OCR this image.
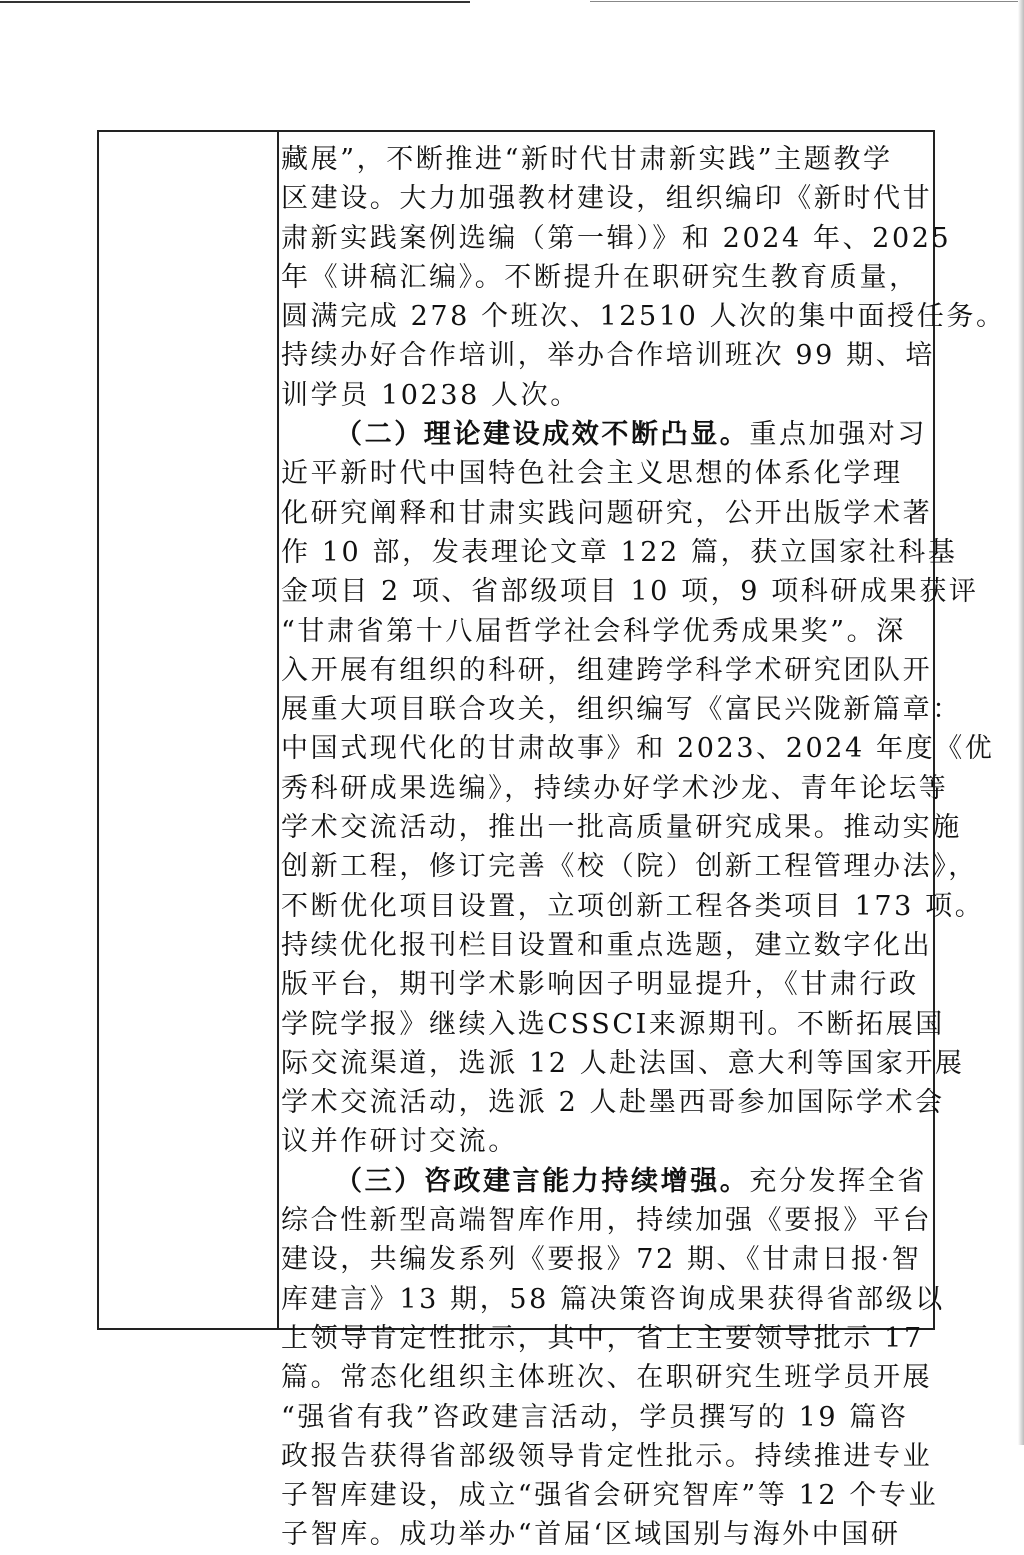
藏展”，不断推进“新时代甘肃新实践”主题教学
区建设。大力加强教材建设，组织编印《新时代甘
肃新实践案例选编（第一辑）》和 2024 年、2025
年《讲稿汇编》。不断提升在职研究生教育质量，
圆满完成 278 个班次、12510 人次的集中面授任务。
持续办好合作培训，举办合作培训班次 99 期、培
训学员 10238 人次。
（二）理论建设成效不断凸显。重点加强对习
近平新时代中国特色社会主义思想的体系化学理
化研究阐释和甘肃实践问题研究，公开出版学术著
作 10 部，发表理论文章 122 篇，获立国家社科基
金项目 2 项、省部级项目 10 项，9 项科研成果获评
“甘肃省第十八届哲学社会科学优秀成果奖”。深
入开展有组织的科研，组建跨学科学术研究团队开
展重大项目联合攻关，组织编写《富民兴陇新篇章：
中国式现代化的甘肃故事》和 2023、2024 年度《优
秀科研成果选编》，持续办好学术沙龙、青年论坛等
学术交流活动，推出一批高质量研究成果。推动实施
创新工程，修订完善《校（院）创新工程管理办法》，
不断优化项目设置，立项创新工程各类项目 173 项。
持续优化报刊栏目设置和重点选题，建立数字化出
版平台，期刊学术影响因子明显提升，《甘肃行政
学院学报》继续入选CSSCI来源期刊。不断拓展国
际交流渠道，选派 12 人赴法国、意大利等国家开展
学术交流活动，选派 2 人赴墨西哥参加国际学术会
议并作研讨交流。
（三）咨政建言能力持续增强。充分发挥全省
综合性新型高端智库作用，持续加强《要报》平台
建设，共编发系列《要报》72 期、《甘肃日报·智
库建言》13 期，58 篇决策咨询成果获得省部级以
上领导肯定性批示，其中，省上主要领导批示 17
篇。常态化组织主体班次、在职研究生班学员开展
“强省有我”咨政建言活动，学员撰写的 19 篇咨
政报告获得省部级领导肯定性批示。持续推进专业
子智库建设，成立“强省会研究智库”等 12 个专业
子智库。成功举办“首届‘区域国别与海外中国研
